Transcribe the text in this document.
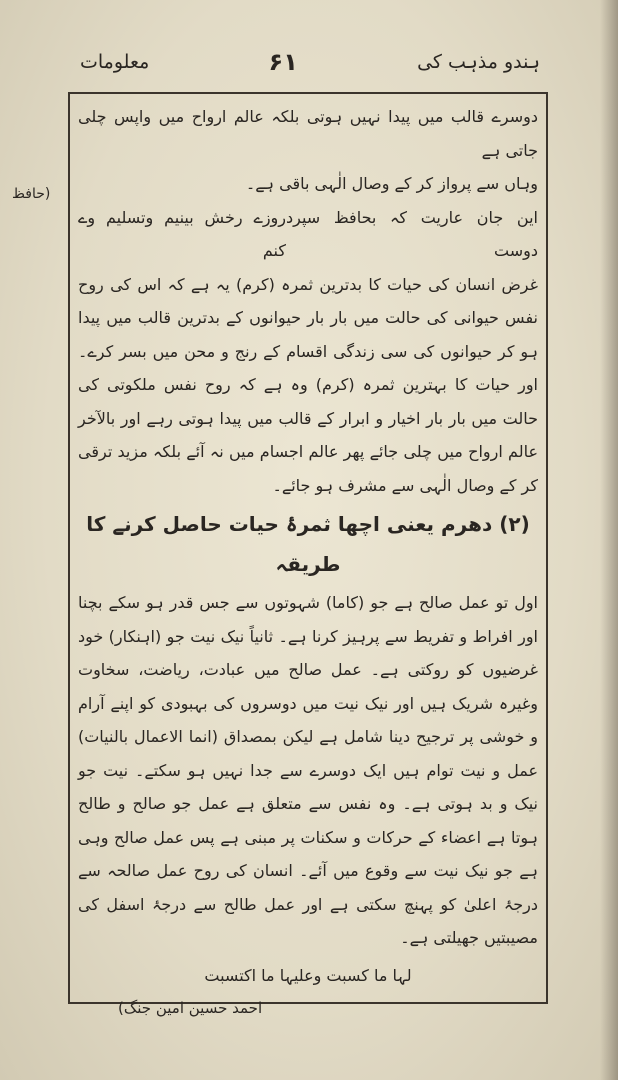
ہندو مذہب کی
۶۱
معلومات
(حافظ

دوسرے قالب میں پیدا نہیں ہوتی بلکہ عالم ارواح میں واپس چلی جاتی ہے

وہاں سے پرواز کر کے وصال الٰہی باقی ہے۔

این جان عاریت کہ بحافظ سپرد دوست
روزے رخش بینیم وتسلیم وے کنم

غرض انسان کی حیات کا بدترین ثمرہ (کرم) یہ ہے کہ اس کی روح نفس حیوانی کی حالت میں بار بار حیوانوں کے بدترین قالب میں پیدا ہو کر حیوانوں کی سی زندگی اقسام کے رنج و محن میں بسر کرے۔ اور حیات کا بہترین ثمرہ (کرم) وہ ہے کہ روح نفس ملکوتی کی حالت میں بار بار اخیار و ابرار کے قالب میں پیدا ہوتی رہے اور بالآخر عالم ارواح میں چلی جائے پھر عالم اجسام میں نہ آئے بلکہ مزید ترقی کر کے وصال الٰہی سے مشرف ہو جائے۔

(۲) دھرم یعنی اچھا ثمرۂ حیات حاصل کرنے کا طریقہ

اول تو عمل صالح ہے جو (کاما) شہوتوں سے جس قدر ہو سکے بچنا اور افراط و تفریط سے پرہیز کرنا ہے۔ ثانیاً نیک نیت جو (اہنکار) خود غرضیوں کو روکتی ہے۔ عمل صالح میں عبادت، ریاضت، سخاوت وغیرہ شریک ہیں اور نیک نیت میں دوسروں کی بہبودی کو اپنے آرام و خوشی پر ترجیح دینا شامل ہے لیکن بمصداق (انما الاعمال بالنیات) عمل و نیت توام ہیں ایک دوسرے سے جدا نہیں ہو سکتے۔ نیت جو نیک و بد ہوتی ہے۔ وہ نفس سے متعلق ہے عمل جو صالح و طالح ہوتا ہے اعضاء کے حرکات و سکنات پر مبنی ہے پس عمل صالح وہی ہے جو نیک نیت سے وقوع میں آئے۔ انسان کی روح عمل صالحہ سے درجۂ اعلیٰ کو پہنچ سکتی ہے اور عمل طالح سے درجۂ اسفل کی مصیبتیں جھیلتی ہے۔

لہا ما کسبت وعلیہا ما اکتسبت
(احمد حسین امین جنگ
